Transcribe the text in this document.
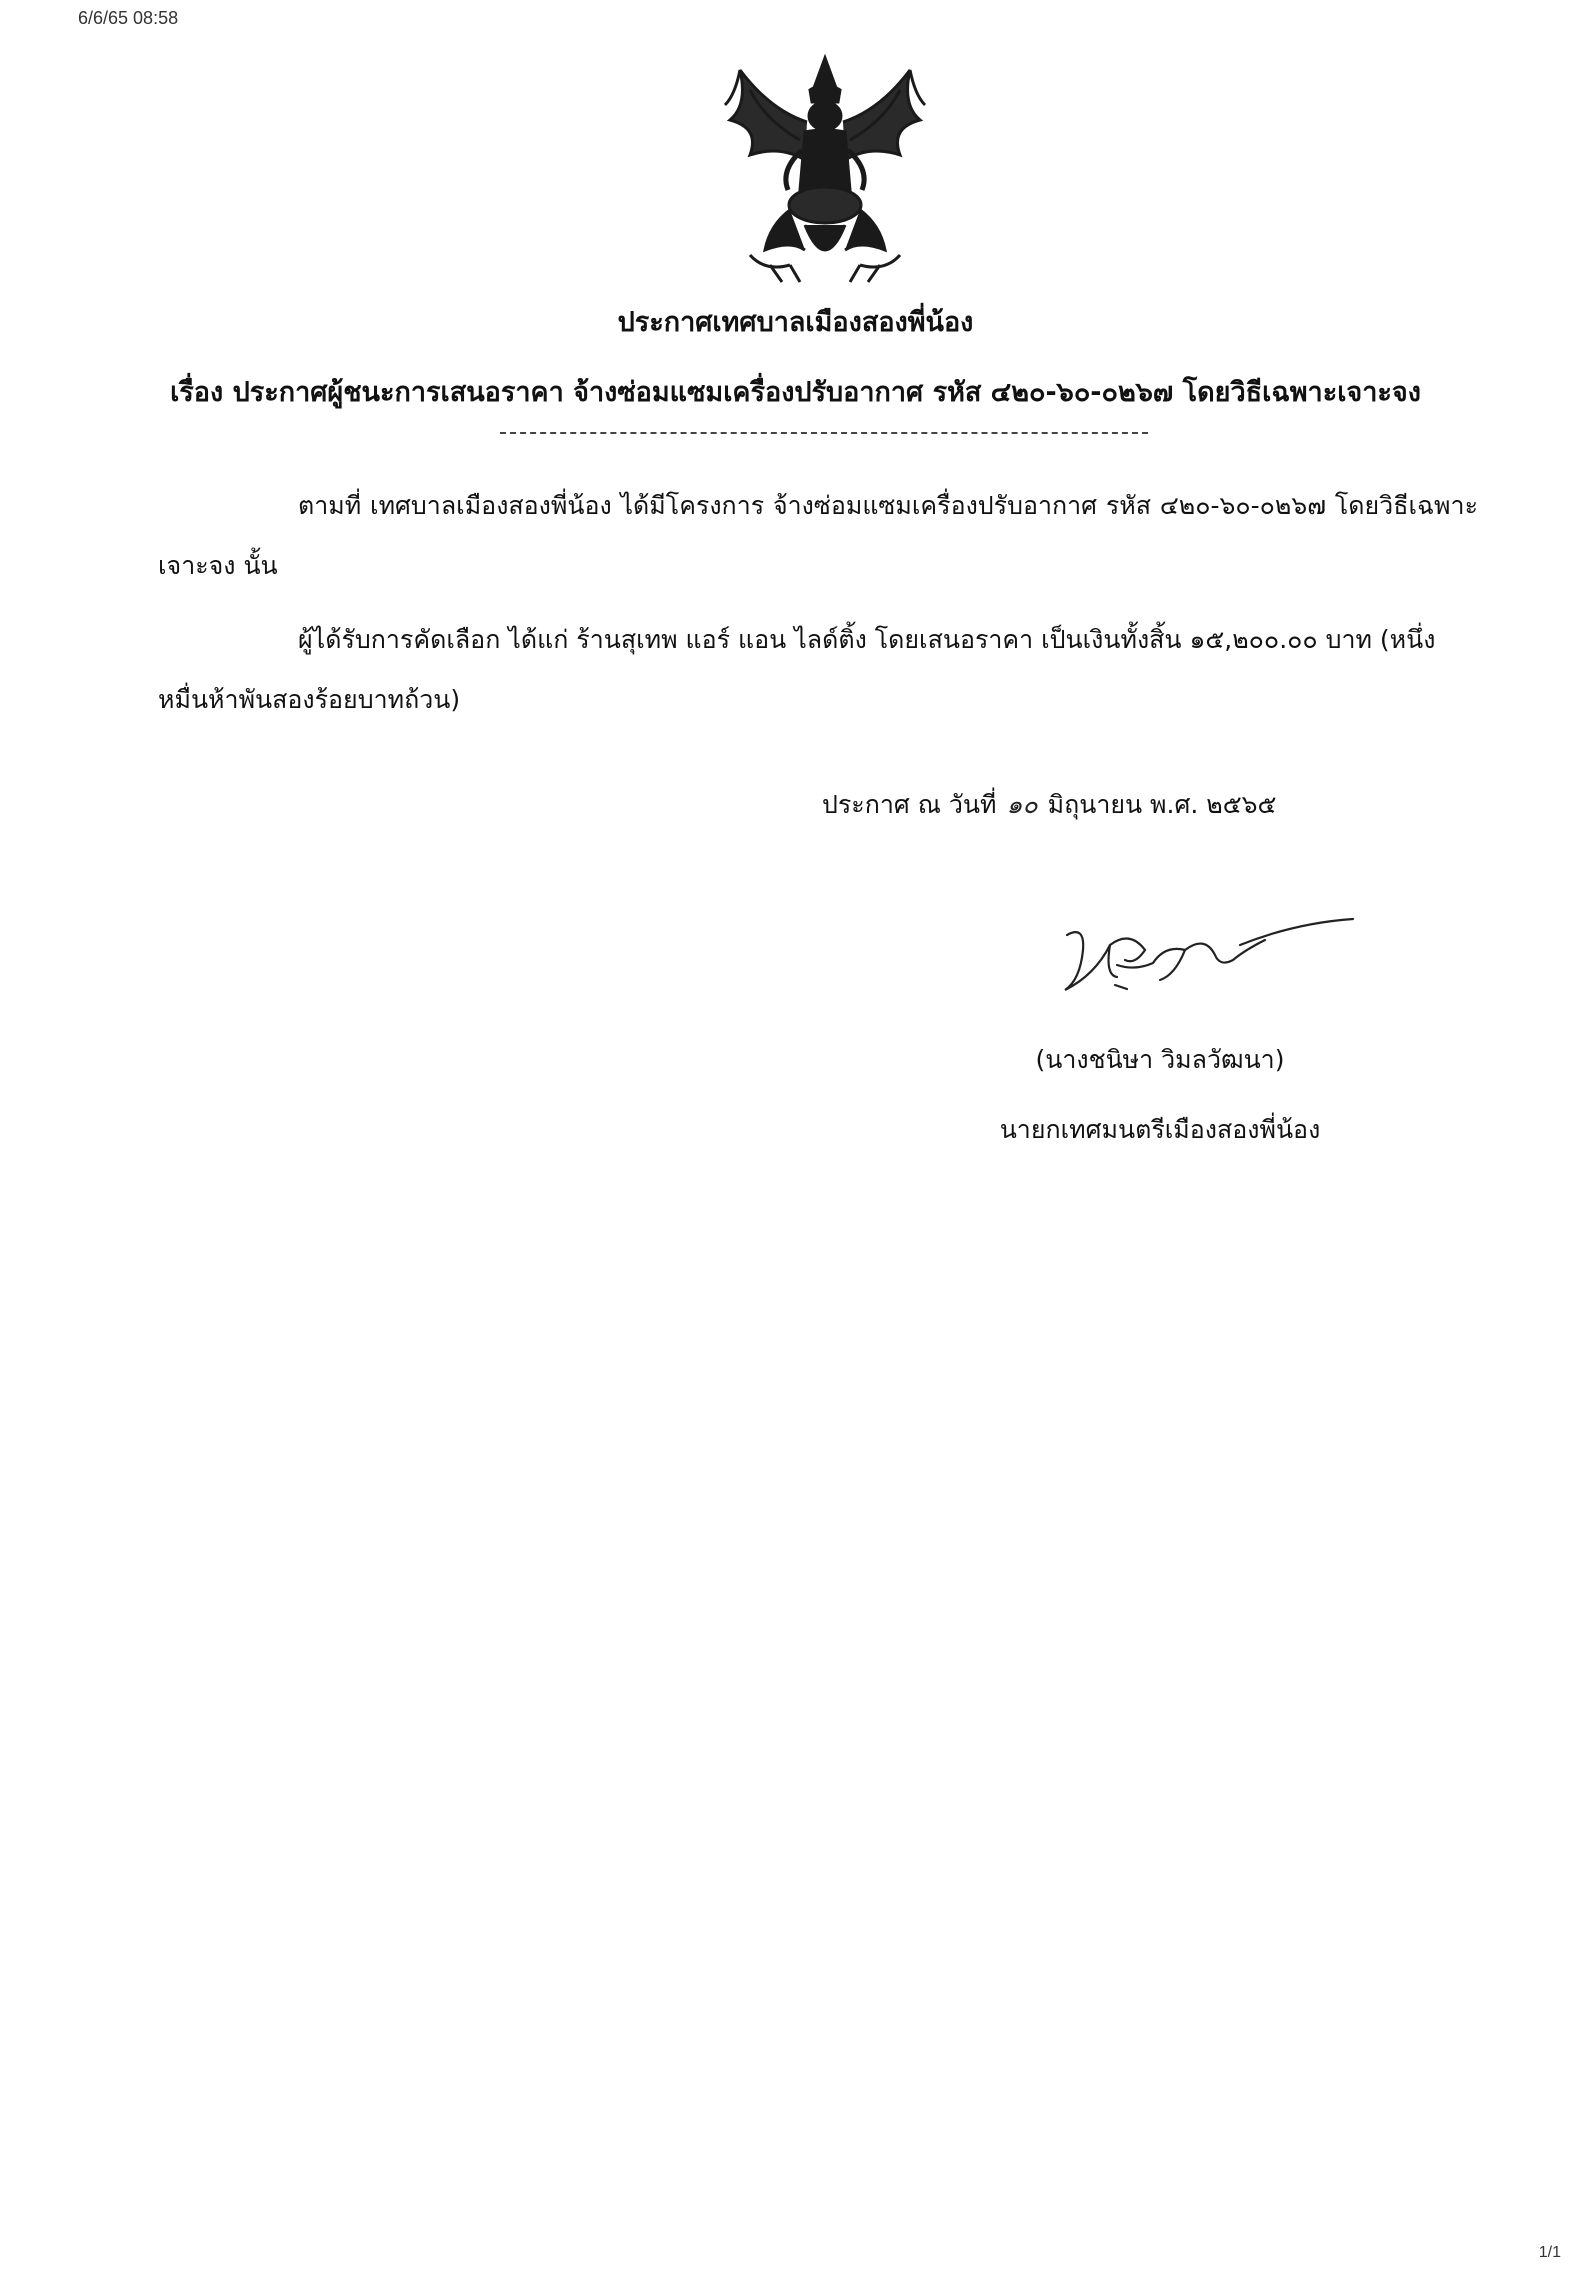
6/6/65 08:58
ประกาศเทศบาลเมืองสองพี่น้อง
เรื่อง ประกาศผู้ชนะการเสนอราคา จ้างซ่อมแซมเครื่องปรับอากาศ รหัส ๔๒๐-๖๐-๐๒๖๗ โดยวิธีเฉพาะเจาะจง
ตามที่ เทศบาลเมืองสองพี่น้อง ได้มีโครงการ จ้างซ่อมแซมเครื่องปรับอากาศ รหัส ๔๒๐-๖๐-๐๒๖๗ โดยวิธีเฉพาะเจาะจง นั้น
ผู้ได้รับการคัดเลือก ได้แก่ ร้านสุเทพ แอร์ แอน ไลด์ติ้ง โดยเสนอราคา เป็นเงินทั้งสิ้น ๑๕,๒๐๐.๐๐ บาท (หนึ่งหมื่นห้าพันสองร้อยบาทถ้วน)
ประกาศ ณ วันที่ ๑๐ มิถุนายน พ.ศ. ๒๕๖๕
(นางชนิษา วิมลวัฒนา)
นายกเทศมนตรีเมืองสองพี่น้อง
1/1
